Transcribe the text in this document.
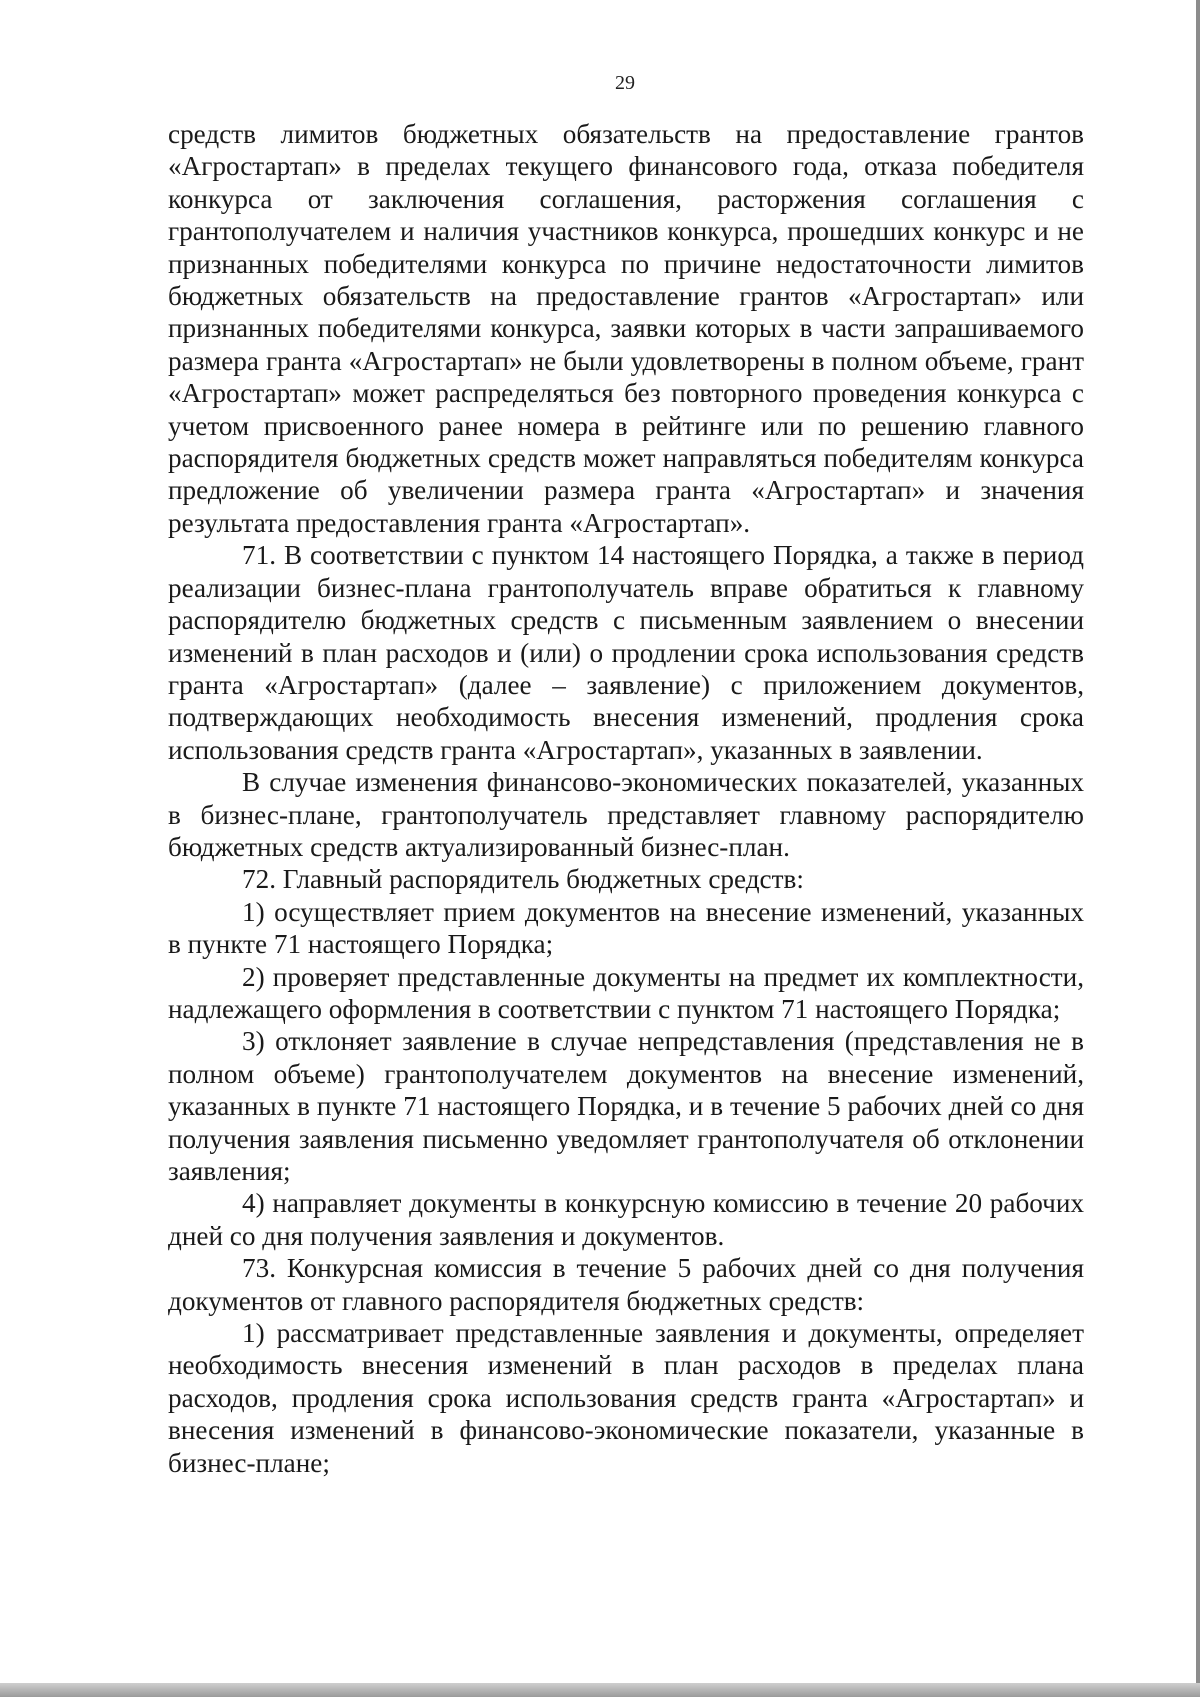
29

средств лимитов бюджетных обязательств на предоставление грантов «Агростартап» в пределах текущего финансового года, отказа победителя конкурса от заключения соглашения, расторжения соглашения с грантополучателем и наличия участников конкурса, прошедших конкурс и не признанных победителями конкурса по причине недостаточности лимитов бюджетных обязательств на предоставление грантов «Агростартап» или признанных победителями конкурса, заявки которых в части запрашиваемого размера гранта «Агростартап» не были удовлетворены в полном объеме, грант «Агростартап» может распределяться без повторного проведения конкурса с учетом присвоенного ранее номера в рейтинге или по решению главного распорядителя бюджетных средств может направляться победителям конкурса предложение об увеличении размера гранта «Агростартап» и значения результата предоставления гранта «Агростартап».

71. В соответствии с пунктом 14 настоящего Порядка, а также в период реализации бизнес-плана грантополучатель вправе обратиться к главному распорядителю бюджетных средств с письменным заявлением о внесении изменений в план расходов и (или) о продлении срока использования средств гранта «Агростартап» (далее – заявление) с приложением документов, подтверждающих необходимость внесения изменений, продления срока использования средств гранта «Агростартап», указанных в заявлении.

В случае изменения финансово-экономических показателей, указанных в бизнес-плане, грантополучатель представляет главному распорядителю бюджетных средств актуализированный бизнес-план.

72. Главный распорядитель бюджетных средств:

1) осуществляет прием документов на внесение изменений, указанных в пункте 71 настоящего Порядка;

2) проверяет представленные документы на предмет их комплектности, надлежащего оформления в соответствии с пунктом 71 настоящего Порядка;

3) отклоняет заявление в случае непредставления (представления не в полном объеме) грантополучателем документов на внесение изменений, указанных в пункте 71 настоящего Порядка, и в течение 5 рабочих дней со дня получения заявления письменно уведомляет грантополучателя об отклонении заявления;

4) направляет документы в конкурсную комиссию в течение 20 рабочих дней со дня получения заявления и документов.

73. Конкурсная комиссия в течение 5 рабочих дней со дня получения документов от главного распорядителя бюджетных средств:

1) рассматривает представленные заявления и документы, определяет необходимость внесения изменений в план расходов в пределах плана расходов, продления срока использования средств гранта «Агростартап» и внесения изменений в финансово-экономические показатели, указанные в бизнес-плане;
